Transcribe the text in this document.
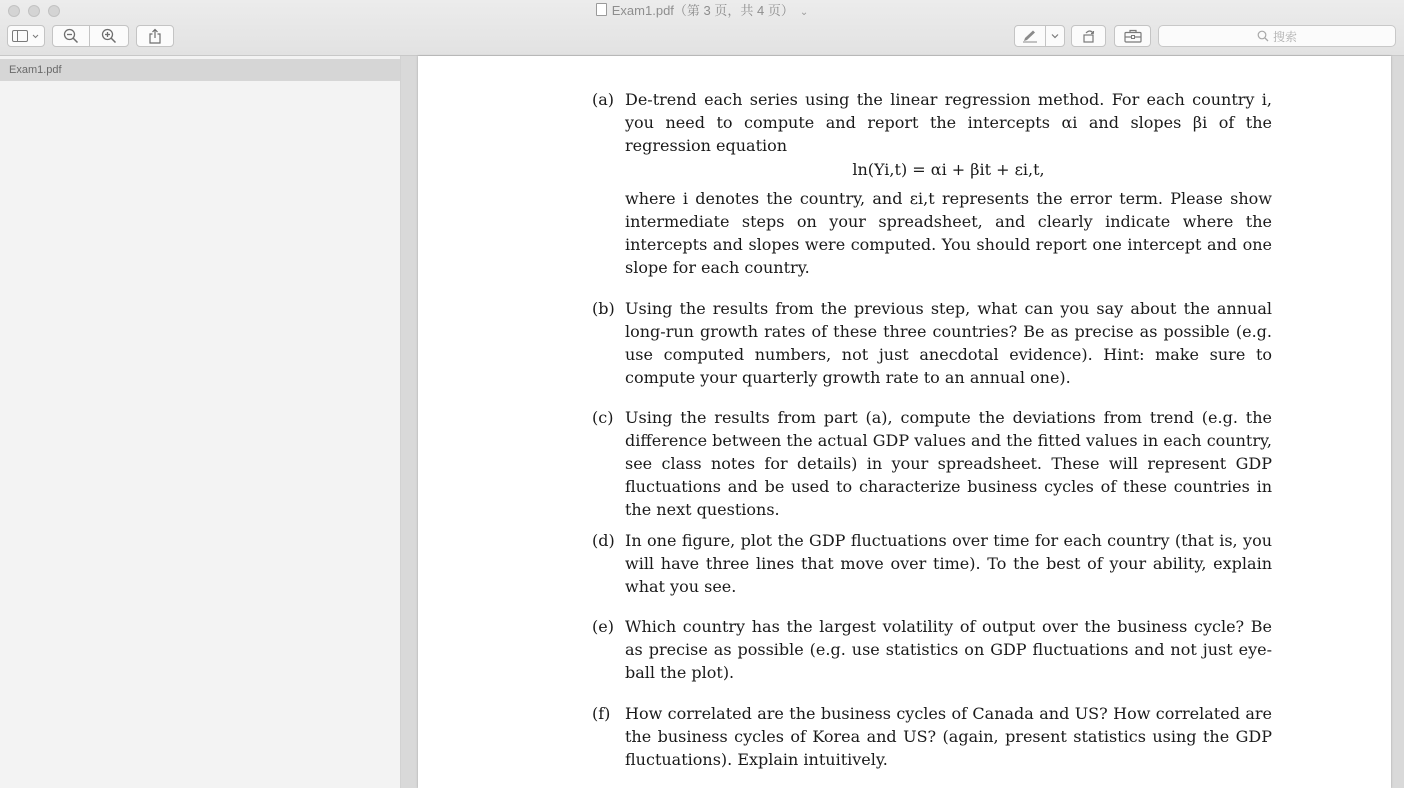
Exam1.pdf（第 3 页，共 4 页） ⌄
搜索
Exam1.pdf
(a) De-trend each series using the linear regression method. For each country i, you need to compute and report the intercepts αi and slopes βi of the regression equation

ln(Yi,t) = αi + βit + εi,t,

where i denotes the country, and εi,t represents the error term. Please show intermediate steps on your spreadsheet, and clearly indicate where the intercepts and slopes were computed. You should report one intercept and one slope for each country.

(b) Using the results from the previous step, what can you say about the annual long-run growth rates of these three countries? Be as precise as possible (e.g. use computed numbers, not just anecdotal evidence). Hint: make sure to compute your quarterly growth rate to an annual one).

(c) Using the results from part (a), compute the deviations from trend (e.g. the difference between the actual GDP values and the fitted values in each country, see class notes for details) in your spreadsheet. These will represent GDP fluctuations and be used to characterize business cycles of these countries in the next questions.

(d) In one figure, plot the GDP fluctuations over time for each country (that is, you will have three lines that move over time). To the best of your ability, explain what you see.

(e) Which country has the largest volatility of output over the business cycle? Be as precise as possible (e.g. use statistics on GDP fluctuations and not just eye-ball the plot).

(f) How correlated are the business cycles of Canada and US? How correlated are the business cycles of Korea and US? (again, present statistics using the GDP fluctuations). Explain intuitively.
